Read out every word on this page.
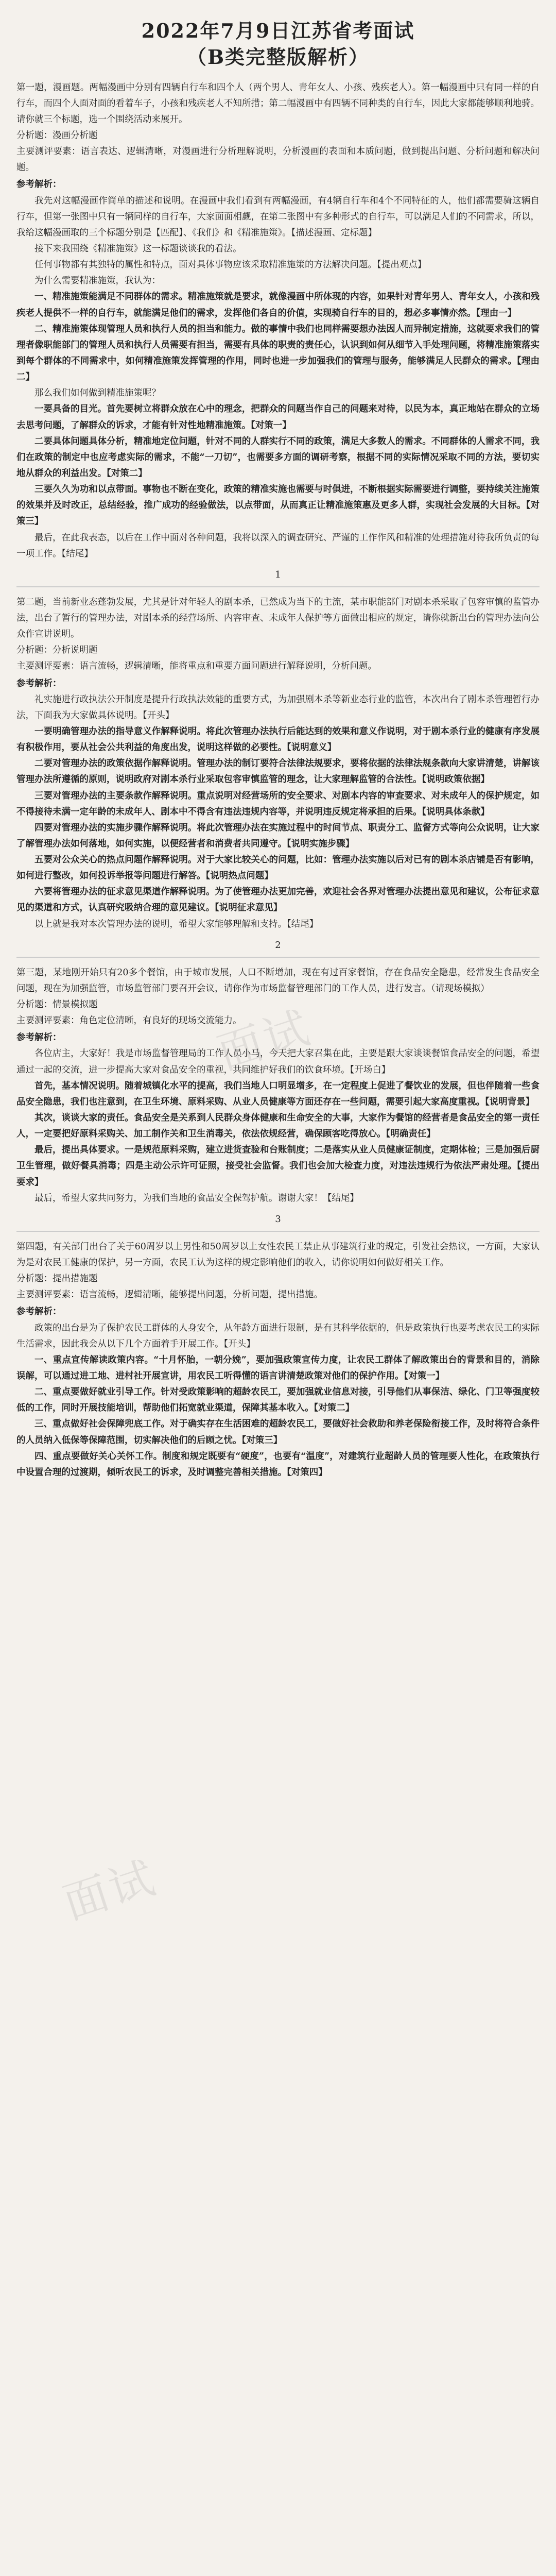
面试
面试
2022年7月9日江苏省考面试
（B类完整版解析）

第一题，漫画题。两幅漫画中分别有四辆自行车和四个人（两个男人、青年女人、小孩、残疾老人）。第一幅漫画中只有同一样的自行车，而四个人面对面的看着车子，小孩和残疾老人不知所措；第二幅漫画中有四辆不同种类的自行车，因此大家都能够顺利地骑。请你就三个标题，选一个围绕活动来展开。

分析题：漫画分析题

主要测评要素：语言表达、逻辑清晰，对漫画进行分析理解说明，分析漫画的表面和本质问题，做到提出问题、分析问题和解决问题。

参考解析：

我先对这幅漫画作简单的描述和说明。在漫画中我们看到有两幅漫画，有4辆自行车和4个不同特征的人，他们都需要骑这辆自行车，但第一张图中只有一辆同样的自行车，大家面面相觑，在第二张图中有多种形式的自行车，可以满足人们的不同需求，所以，我给这幅漫画取的三个标题分别是【匹配】、《我们》和《精准施策》。【描述漫画、定标题】

接下来我围绕《精准施策》这一标题谈谈我的看法。

任何事物都有其独特的属性和特点，面对具体事物应该采取精准施策的方法解决问题。【提出观点】

为什么需要精准施策，我认为：

一、精准施策能满足不同群体的需求。精准施策就是要求，就像漫画中所体现的内容，如果针对青年男人、青年女人，小孩和残疾老人提供不一样的自行车，就能满足他们的需求，发挥他们各自的价值，实现骑自行车的目的，想必多事情亦然。【理由一】

二、精准施策体现管理人员和执行人员的担当和能力。做的事情中我们也同样需要想办法因人而异制定措施，这就要求我们的管理者像职能部门的管理人员和执行人员需要有担当，需要有具体的职责的责任心，认识到如何从细节入手处理问题，将精准施策落实到每个群体的不同需求中，如何精准施策发挥管理的作用，同时也进一步加强我们的管理与服务，能够满足人民群众的需求。【理由二】

那么我们如何做到精准施策呢？

一要具备的目光。首先要树立将群众放在心中的理念，把群众的问题当作自己的问题来对待，以民为本，真正地站在群众的立场去思考问题，了解群众的诉求，才能有针对性地精准施策。【对策一】

二要具体问题具体分析，精准地定位问题，针对不同的人群实行不同的政策，满足大多数人的需求。不同群体的人需求不同，我们在政策的制定中也应考虑实际的需求，不能“一刀切”，也需要多方面的调研考察，根据不同的实际情况采取不同的方法，要切实地从群众的利益出发。【对策二】

三要久久为功和以点带面。事物也不断在变化，政策的精准实施也需要与时俱进，不断根据实际需要进行调整，要持续关注施策的效果并及时改正，总结经验，推广成功的经验做法，以点带面，从而真正让精准施策惠及更多人群，实现社会发展的大目标。【对策三】

最后，在此我表态，以后在工作中面对各种问题，我将以深入的调查研究、严谨的工作作风和精准的处理措施对待我所负责的每一项工作。【结尾】

1

第二题，当前新业态蓬勃发展，尤其是针对年轻人的剧本杀，已然成为当下的主流，某市职能部门对剧本杀采取了包容审慎的监管办法，出台了暂行的管理办法，对剧本杀的经营场所、内容审查、未成年人保护等方面做出相应的规定，请你就新出台的管理办法向公众作宣讲说明。

分析题：分析说明题

主要测评要素：语言流畅，逻辑清晰，能将重点和重要方面问题进行解释说明，分析问题。

参考解析：

礼实施进行政执法公开制度是提升行政执法效能的重要方式，为加强剧本杀等新业态行业的监管，本次出台了剧本杀管理暂行办法，下面我为大家做具体说明。【开头】

一要明确管理办法的指导意义作解释说明。将此次管理办法执行后能达到的效果和意义作说明，对于剧本杀行业的健康有序发展有积极作用，要从社会公共利益的角度出发，说明这样做的必要性。【说明意义】

二要对管理办法的政策依据作解释说明。管理办法的制订要符合法律法规要求，要将依据的法律法规条款向大家讲清楚，讲解该管理办法所遵循的原则，说明政府对剧本杀行业采取包容审慎监管的理念，让大家理解监管的合法性。【说明政策依据】

三要对管理办法的主要条款作解释说明。重点说明对经营场所的安全要求、对剧本内容的审查要求、对未成年人的保护规定，如不得接待未满一定年龄的未成年人、剧本中不得含有违法违规内容等，并说明违反规定将承担的后果。【说明具体条款】

四要对管理办法的实施步骤作解释说明。将此次管理办法在实施过程中的时间节点、职责分工、监督方式等向公众说明，让大家了解管理办法如何落地，如何实施，以便经营者和消费者共同遵守。【说明实施步骤】

五要对公众关心的热点问题作解释说明。对于大家比较关心的问题，比如：管理办法实施以后对已有的剧本杀店铺是否有影响，如何进行整改，如何投诉举报等问题进行解答。【说明热点问题】

六要将管理办法的征求意见渠道作解释说明。为了使管理办法更加完善，欢迎社会各界对管理办法提出意见和建议，公布征求意见的渠道和方式，认真研究吸纳合理的意见建议。【说明征求意见】

以上就是我对本次管理办法的说明，希望大家能够理解和支持。【结尾】

2

第三题，某地刚开始只有20多个餐馆，由于城市发展，人口不断增加，现在有过百家餐馆，存在食品安全隐患，经常发生食品安全问题，现在为加强监管，市场监管部门要召开会议，请你作为市场监督管理部门的工作人员，进行发言。（请现场模拟）

分析题：情景模拟题

主要测评要素：角色定位清晰，有良好的现场交流能力。

参考解析：

各位店主，大家好！我是市场监督管理局的工作人员小马，今天把大家召集在此，主要是跟大家谈谈餐馆食品安全的问题，希望通过一起的交流，进一步提高大家对食品安全的重视，共同维护好我们的饮食环境。【开场白】

首先，基本情况说明。随着城镇化水平的提高，我们当地人口明显增多，在一定程度上促进了餐饮业的发展，但也伴随着一些食品安全隐患，我们也注意到，在卫生环境、原料采购、从业人员健康等方面还存在一些问题，需要引起大家高度重视。【说明背景】

其次，谈谈大家的责任。食品安全是关系到人民群众身体健康和生命安全的大事，大家作为餐馆的经营者是食品安全的第一责任人，一定要把好原料采购关、加工制作关和卫生消毒关，依法依规经营，确保顾客吃得放心。【明确责任】

最后，提出具体要求。一是规范原料采购，建立进货查验和台账制度；二是落实从业人员健康证制度，定期体检；三是加强后厨卫生管理，做好餐具消毒；四是主动公示许可证照，接受社会监督。我们也会加大检查力度，对违法违规行为依法严肃处理。【提出要求】

最后，希望大家共同努力，为我们当地的食品安全保驾护航。谢谢大家！【结尾】

3

第四题，有关部门出台了关于60周岁以上男性和50周岁以上女性农民工禁止从事建筑行业的规定，引发社会热议，一方面，大家认为是对农民工健康的保护，另一方面，农民工认为这样的规定影响他们的收入，请你说明如何做好相关工作。

分析题：提出措施题

主要测评要素：语言流畅，逻辑清晰，能够提出问题，分析问题，提出措施。

参考解析：

政策的出台是为了保护农民工群体的人身安全，从年龄方面进行限制，是有其科学依据的，但是政策执行也要考虑农民工的实际生活需求，因此我会从以下几个方面着手开展工作。【开头】

一、重点宣传解读政策内容。“十月怀胎，一朝分娩”，要加强政策宣传力度，让农民工群体了解政策出台的背景和目的，消除误解，可以通过进工地、进村社开展宣讲，用农民工听得懂的语言讲清楚政策对他们的保护作用。【对策一】

二、重点要做好就业引导工作。针对受政策影响的超龄农民工，要加强就业信息对接，引导他们从事保洁、绿化、门卫等强度较低的工作，同时开展技能培训，帮助他们拓宽就业渠道，保障其基本收入。【对策二】

三、重点做好社会保障兜底工作。对于确实存在生活困难的超龄农民工，要做好社会救助和养老保险衔接工作，及时将符合条件的人员纳入低保等保障范围，切实解决他们的后顾之忧。【对策三】

四、重点要做好关心关怀工作。制度和规定既要有“硬度”，也要有“温度”，对建筑行业超龄人员的管理要人性化，在政策执行中设置合理的过渡期，倾听农民工的诉求，及时调整完善相关措施。【对策四】
